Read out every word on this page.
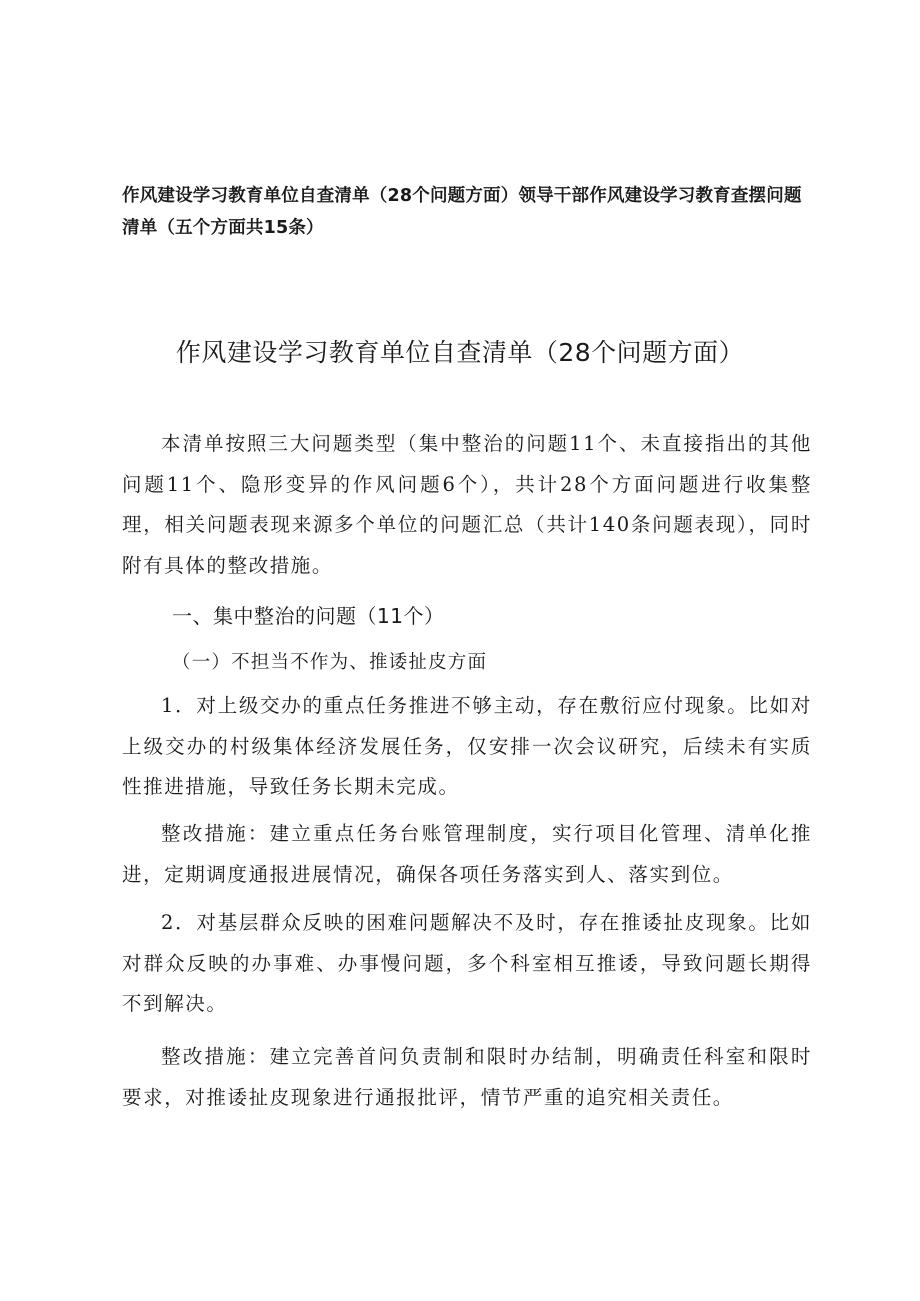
作风建设学习教育单位自查清单（28个问题方面）领导干部作风建设学习教育查摆问题清单（五个方面共15条）
作风建设学习教育单位自查清单（28个问题方面）
本清单按照三大问题类型（集中整治的问题11个、未直接指出的其他问题11个、隐形变异的作风问题6个），共计28个方面问题进行收集整理，相关问题表现来源多个单位的问题汇总（共计140条问题表现），同时附有具体的整改措施。
一、集中整治的问题（11个）
（一）不担当不作为、推诿扯皮方面
1．对上级交办的重点任务推进不够主动，存在敷衍应付现象。比如对上级交办的村级集体经济发展任务，仅安排一次会议研究，后续未有实质性推进措施，导致任务长期未完成。
整改措施：建立重点任务台账管理制度，实行项目化管理、清单化推进，定期调度通报进展情况，确保各项任务落实到人、落实到位。
2．对基层群众反映的困难问题解决不及时，存在推诿扯皮现象。比如对群众反映的办事难、办事慢问题，多个科室相互推诿，导致问题长期得不到解决。
整改措施：建立完善首问负责制和限时办结制，明确责任科室和限时要求，对推诿扯皮现象进行通报批评，情节严重的追究相关责任。
